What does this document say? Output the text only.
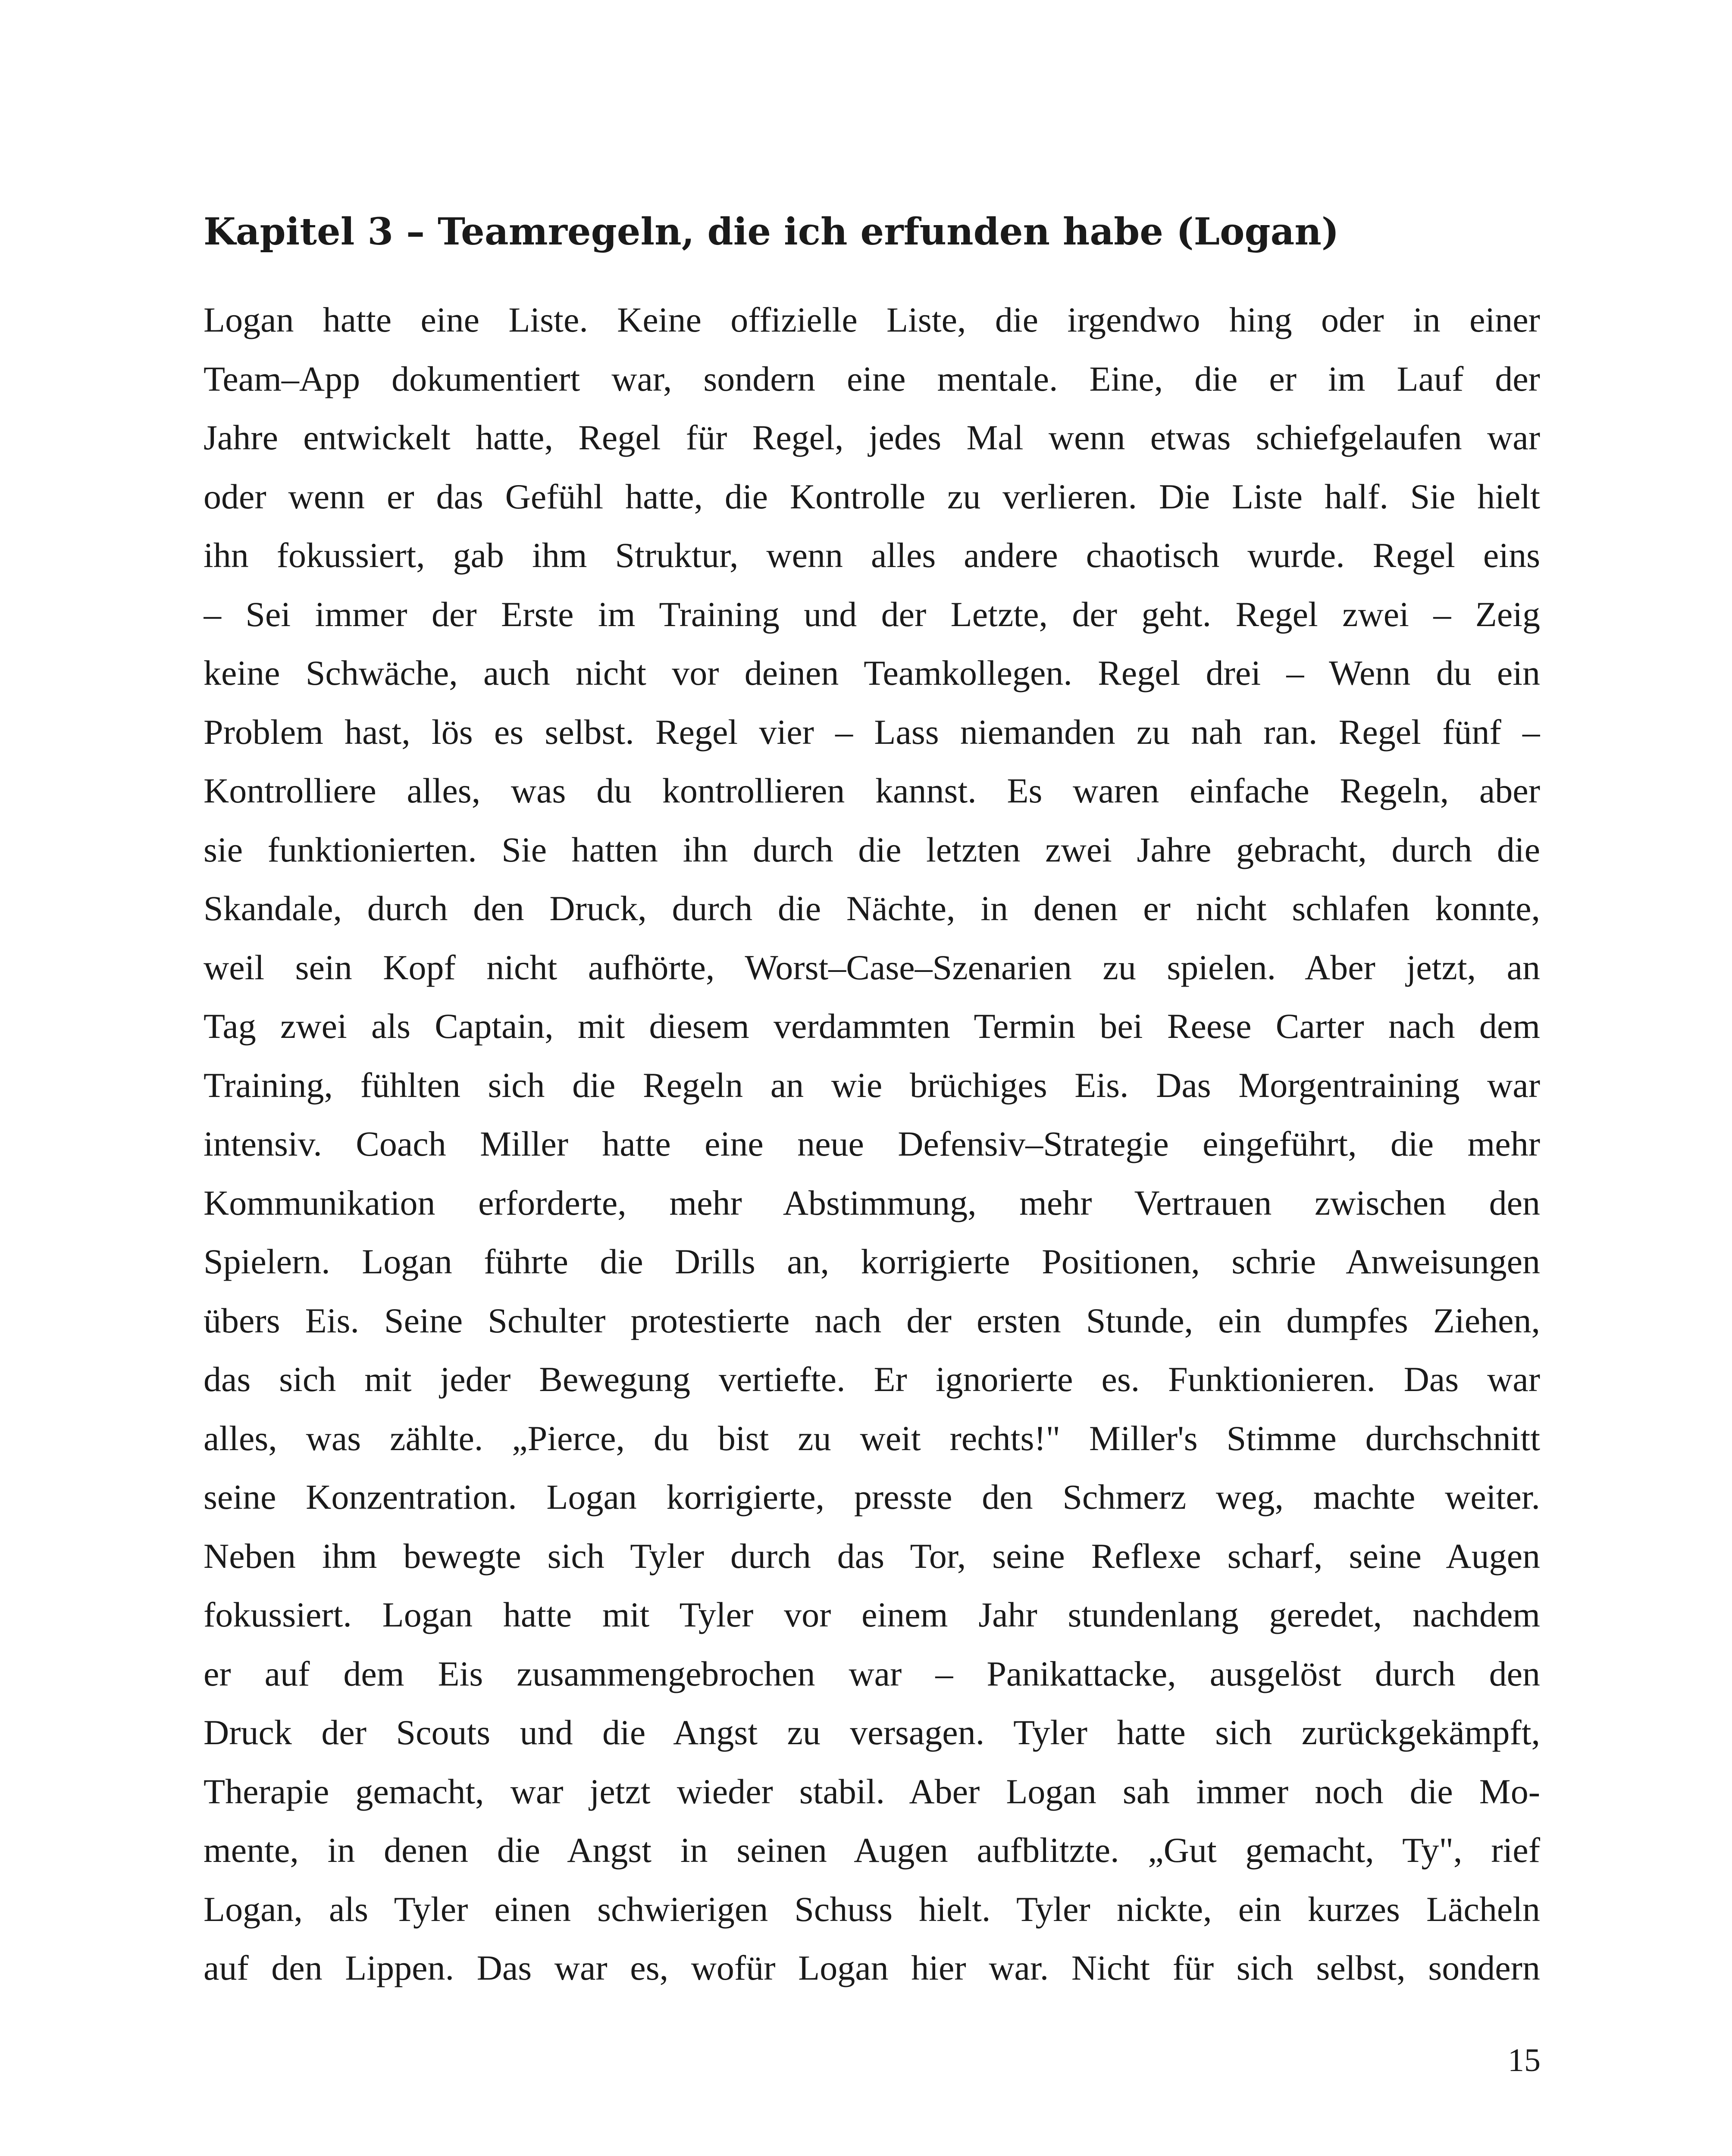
Kapitel 3 – Teamregeln, die ich erfunden habe (Logan)
Logan hatte eine Liste. Keine offizielle Liste, die irgendwo hing oder in einer
Team–App dokumentiert war, sondern eine mentale. Eine, die er im Lauf der
Jahre entwickelt hatte, Regel für Regel, jedes Mal wenn etwas schiefgelaufen war
oder wenn er das Gefühl hatte, die Kontrolle zu verlieren. Die Liste half. Sie hielt
ihn fokussiert, gab ihm Struktur, wenn alles andere chaotisch wurde. Regel eins
– Sei immer der Erste im Training und der Letzte, der geht. Regel zwei – Zeig
keine Schwäche, auch nicht vor deinen Teamkollegen. Regel drei – Wenn du ein
Problem hast, lös es selbst. Regel vier – Lass niemanden zu nah ran. Regel fünf –
Kontrolliere alles, was du kontrollieren kannst. Es waren einfache Regeln, aber
sie funktionierten. Sie hatten ihn durch die letzten zwei Jahre gebracht, durch die
Skandale, durch den Druck, durch die Nächte, in denen er nicht schlafen konnte,
weil sein Kopf nicht aufhörte, Worst–Case–Szenarien zu spielen. Aber jetzt, an
Tag zwei als Captain, mit diesem verdammten Termin bei Reese Carter nach dem
Training, fühlten sich die Regeln an wie brüchiges Eis. Das Morgentraining war
intensiv. Coach Miller hatte eine neue Defensiv–Strategie eingeführt, die mehr
Kommunikation erforderte, mehr Abstimmung, mehr Vertrauen zwischen den
Spielern. Logan führte die Drills an, korrigierte Positionen, schrie Anweisungen
übers Eis. Seine Schulter protestierte nach der ersten Stunde, ein dumpfes Ziehen,
das sich mit jeder Bewegung vertiefte. Er ignorierte es. Funktionieren. Das war
alles, was zählte. „Pierce, du bist zu weit rechts!" Miller's Stimme durchschnitt
seine Konzentration. Logan korrigierte, presste den Schmerz weg, machte weiter.
Neben ihm bewegte sich Tyler durch das Tor, seine Reflexe scharf, seine Augen
fokussiert. Logan hatte mit Tyler vor einem Jahr stundenlang geredet, nachdem
er auf dem Eis zusammengebrochen war – Panikattacke, ausgelöst durch den
Druck der Scouts und die Angst zu versagen. Tyler hatte sich zurückgekämpft,
Therapie gemacht, war jetzt wieder stabil. Aber Logan sah immer noch die Mo-
mente, in denen die Angst in seinen Augen aufblitzte. „Gut gemacht, Ty", rief
Logan, als Tyler einen schwierigen Schuss hielt. Tyler nickte, ein kurzes Lächeln
auf den Lippen. Das war es, wofür Logan hier war. Nicht für sich selbst, sondern
15
